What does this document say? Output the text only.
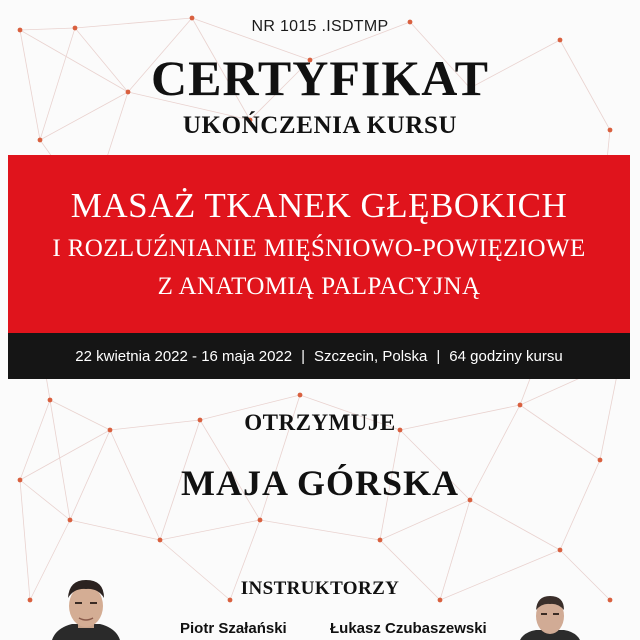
NR 1015 .ISDTMP
CERTYFIKAT
UKOŃCZENIA KURSU
MASAŻ TKANEK GŁĘBOKICH
I ROZLUŹNIANIE MIĘŚNIOWO-POWIĘZIOWE
Z ANATOMIĄ PALPACYJNĄ
22 kwietnia 2022 - 16 maja 2022 | Szczecin, Polska | 64 godziny kursu
OTRZYMUJE
MAJA GÓRSKA
INSTRUKTORZY
Piotr Szałański	Łukasz Czubaszewski
